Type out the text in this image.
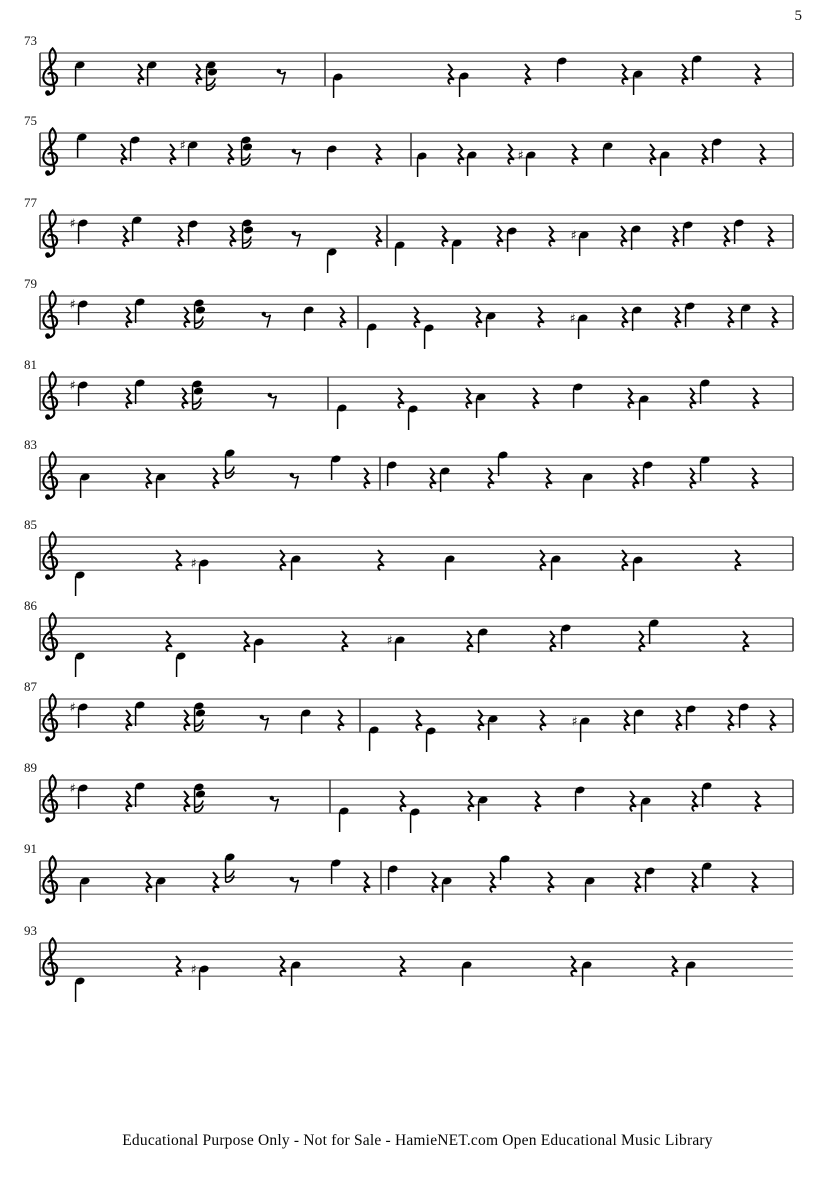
5
73
75
♯
♯
77
♯
♯
79
♯
♯
81
♯
83
85
♯
86
♯
87
♯
♯
89
♯
91
93
♯
Educational Purpose Only - Not for Sale - HamieNET.com Open Educational Music Library
